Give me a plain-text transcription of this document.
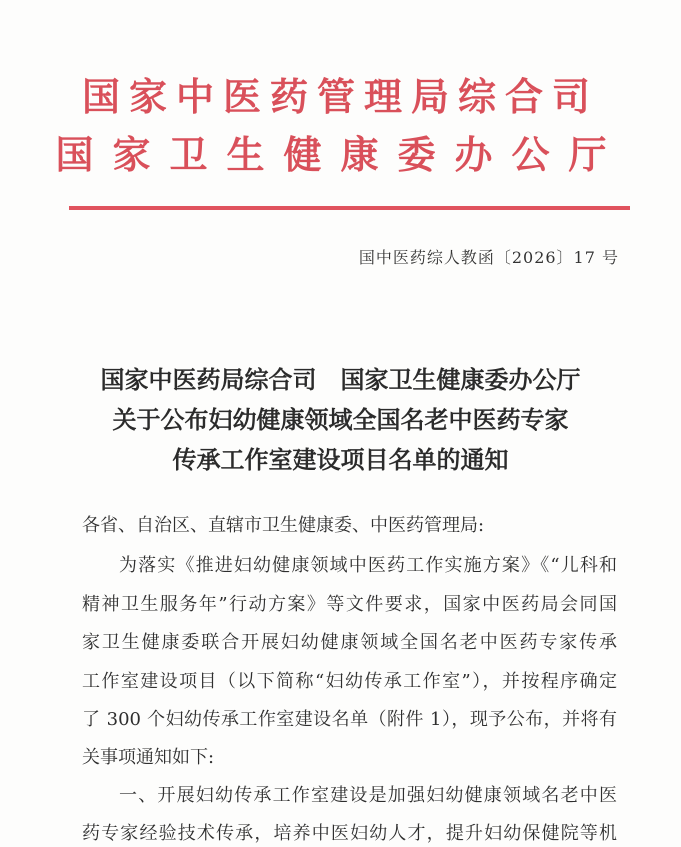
国家中医药管理局综合司
国家卫生健康委办公厅
国中医药综人教函〔2026〕17 号
国家中医药局综合司　国家卫生健康委办公厅
关于公布妇幼健康领域全国名老中医药专家
传承工作室建设项目名单的通知
各省、自治区、直辖市卫生健康委、中医药管理局:
为落实《推进妇幼健康领域中医药工作实施方案》《“儿科和
精神卫生服务年”行动方案》等文件要求，国家中医药局会同国
家卫生健康委联合开展妇幼健康领域全国名老中医药专家传承
工作室建设项目（以下简称“妇幼传承工作室”），并按程序确定
了 300 个妇幼传承工作室建设名单（附件 1），现予公布，并将有
关事项通知如下:
一、开展妇幼传承工作室建设是加强妇幼健康领域名老中医
药专家经验技术传承，培养中医妇幼人才，提升妇幼保健院等机
